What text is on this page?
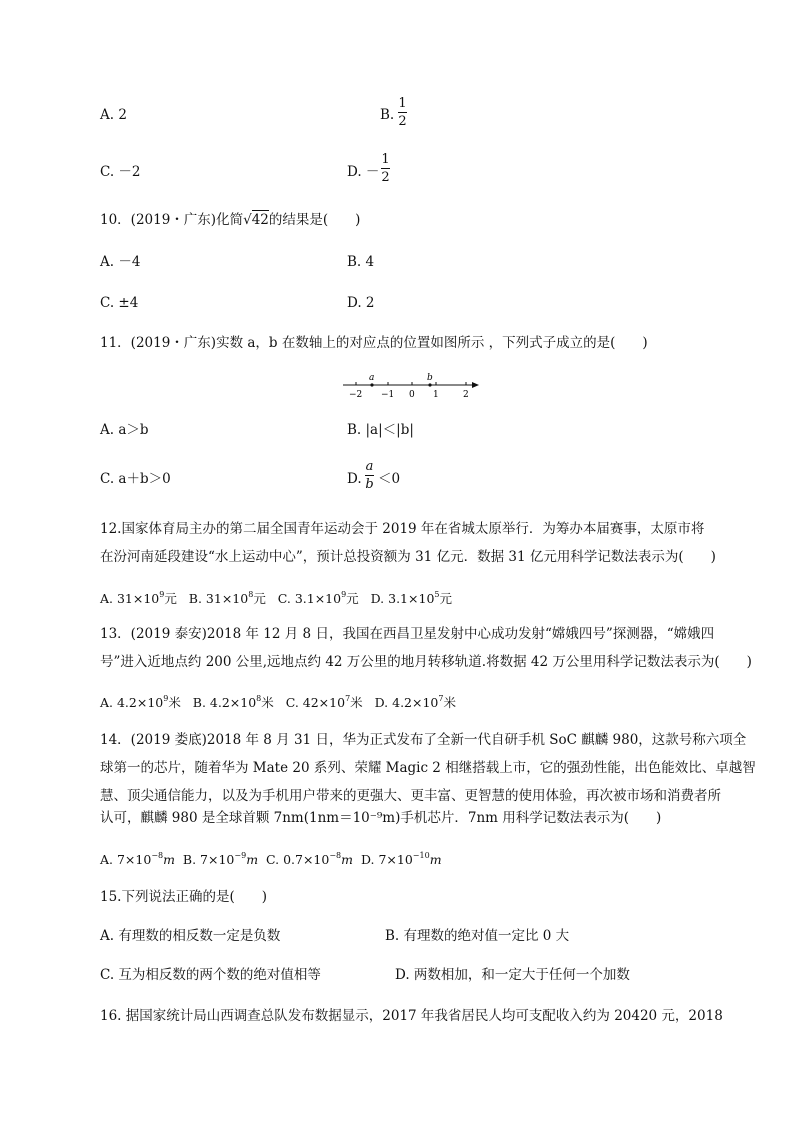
A. 2	B.
1
2
C. －2	D. －
1
2
10．(2019・广东)化简√42的结果是(　　)
A. －4	B. 4
C. ±4	D. 2
11．(2019・广东)实数 a，b 在数轴上的对应点的位置如图所示 ，下列式子成立的是(　　)
a	b
−2 −1 0 1	2
A. a＞b	B. |a|＜|b|
C. a＋b＞0	D.
a
b ＜0
12.国家体育局主办的第二届全国青年运动会于 2019 年在省城太原举行．为筹办本届赛事，太原市将
在汾河南延段建设“水上运动中心”，预计总投资额为 31 亿元．数据 31 亿元用科学记数法表示为(　　)
A. $31\times 10^9$元 B. $31\times 10^8$元 C. $3.1\times 10^9$元 D. $3.1\times 10^5$元
13．(2019 泰安)2018 年 12 月 8 日，我国在西昌卫星发射中心成功发射“嫦娥四号”探测器，“嫦娥四
号”进入近地点约 200 公里,远地点约 42 万公里的地月转移轨道.将数据 42 万公里用科学记数法表示为(　　)
A. $4.2\times 10^9$米 B. $4.2\times 10^8$米 C. $42\times 10^7$米 D. $4.2\times 10^7$米
14．(2019 娄底)2018 年 8 月 31 日，华为正式发布了全新一代自研手机 SoC 麒麟 980，这款号称六项全
球第一的芯片，随着华为 Mate 20 系列、荣耀 Magic 2 相继搭载上市，它的强劲性能，出色能效比、卓越智
慧、顶尖通信能力，以及为手机用户带来的更强大、更丰富、更智慧的使用体验，再次被市场和消费者所
认可，麒麟 980 是全球首颗 7nm(1nm＝10⁻⁹m)手机芯片．7nm 用科学记数法表示为(　　)
A. $7\times 10^{-8}m$ B. $7\times 10^{-9}m$ C. $0.7\times 10^{-8}m$ D. $7\times 10^{-10}m$
15.下列说法正确的是(　　)
A. 有理数的相反数一定是负数	B. 有理数的绝对值一定比 0 大
C. 互为相反数的两个数的绝对值相等	D. 两数相加，和一定大于任何一个加数
16. 据国家统计局山西调查总队发布数据显示，2017 年我省居民人均可支配收入约为 20420 元，2018
